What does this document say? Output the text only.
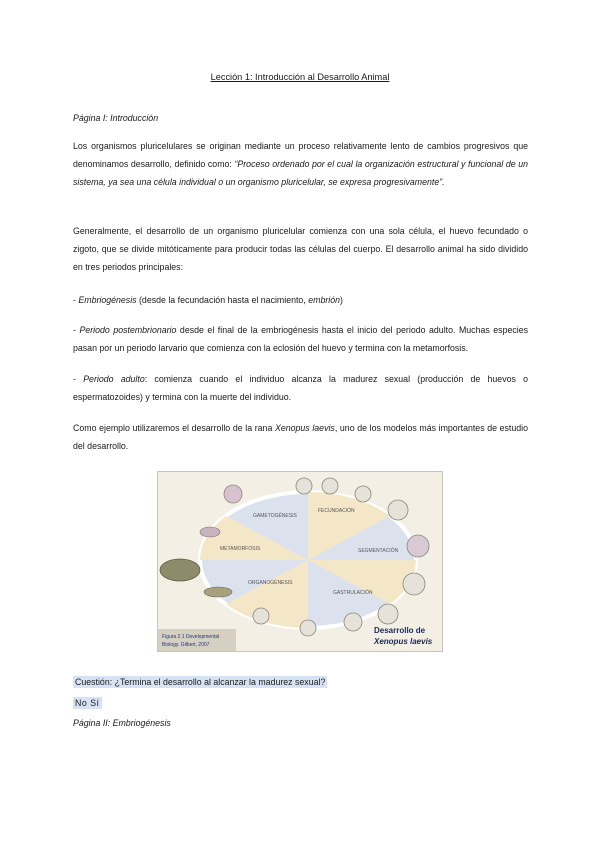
Lección 1: Introducción al Desarrollo Animal
Página I: Introducción

Los organismos pluricelulares se originan mediante un proceso relativamente lento de cambios progresivos que denominamos desarrollo, definido como: “Proceso ordenado por el cual la organización estructural y funcional de un sistema, ya sea una célula individual o un organismo pluricelular, se expresa progresivamente”.

Generalmente, el desarrollo de un organismo pluricelular comienza con una sola célula, el huevo fecundado o zigoto, que se divide mitóticamente para producir todas las células del cuerpo. El desarrollo animal ha sido dividido en tres periodos principales:

- Embriogénesis (desde la fecundación hasta el nacimiento, embrión)

- Periodo postembrionario desde el final de la embriogénesis hasta el inicio del periodo adulto. Muchas especies pasan por un periodo larvario que comienza con la eclosión del huevo y termina con la metamorfosis.

- Periodo adulto: comienza cuando el individuo alcanza la madurez sexual (producción de huevos o espermatozoides) y termina con la muerte del individuo.

Como ejemplo utilizaremos el desarrollo de la rana Xenopus laevis, uno de los modelos más importantes de estudio del desarrollo.

FECUNDACIÓN
SEGMENTACIÓN
GASTRULACIÓN
ORGANOGÉNESIS
METAMORFOSIS
GAMETOGÉNESIS
Figura 2.1 Developmental
Biology. Gilbert, 2007
Desarrollo de
Xenopus laevis
Cuestión: ¿Termina el desarrollo al alcanzar la madurez sexual?
No Sí
Página II: Embriogénesis
